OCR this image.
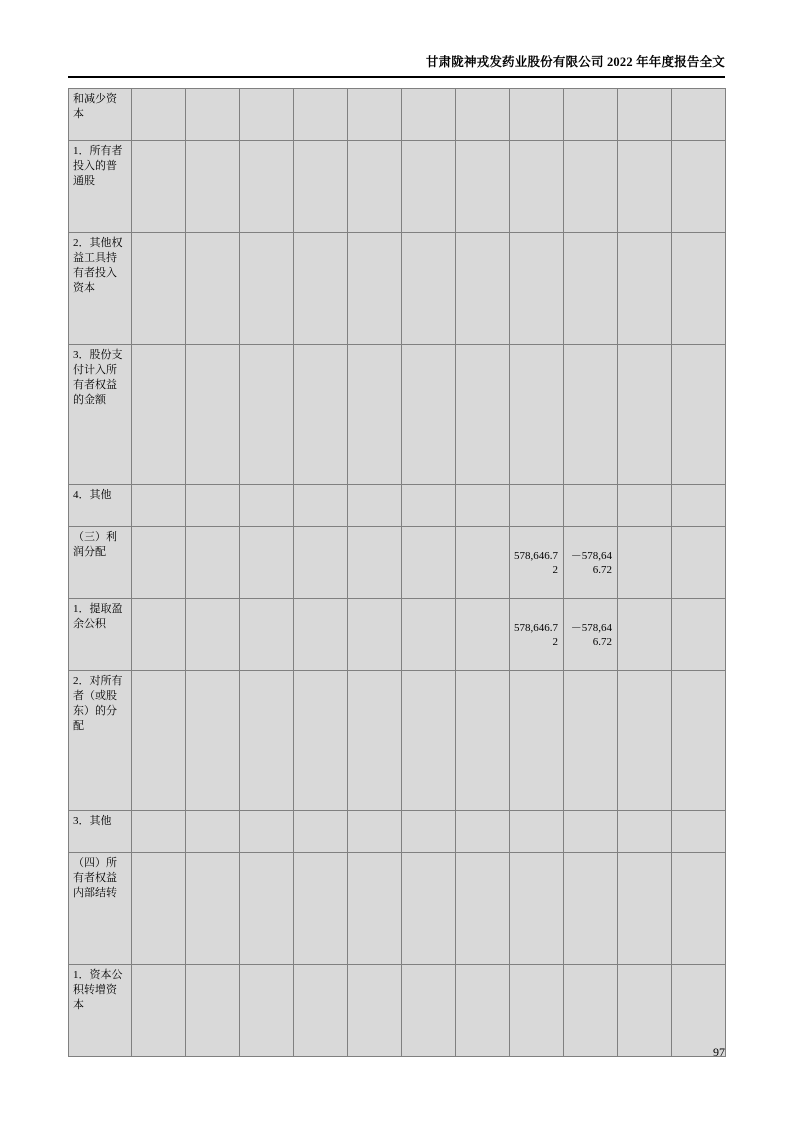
甘肃陇神戎发药业股份有限公司 2022 年年度报告全文
和减少资本											
1．所有者投入的普通股											
2．其他权益工具持有者投入资本											
3．股份支付计入所有者权益的金额											
4．其他											
（三）利润分配								578,646.72	－578,646.72		
1．提取盈余公积								578,646.72	－578,646.72		
2．对所有者（或股东）的分配											
3．其他											
（四）所有者权益内部结转											
1．资本公积转增资本											
97
